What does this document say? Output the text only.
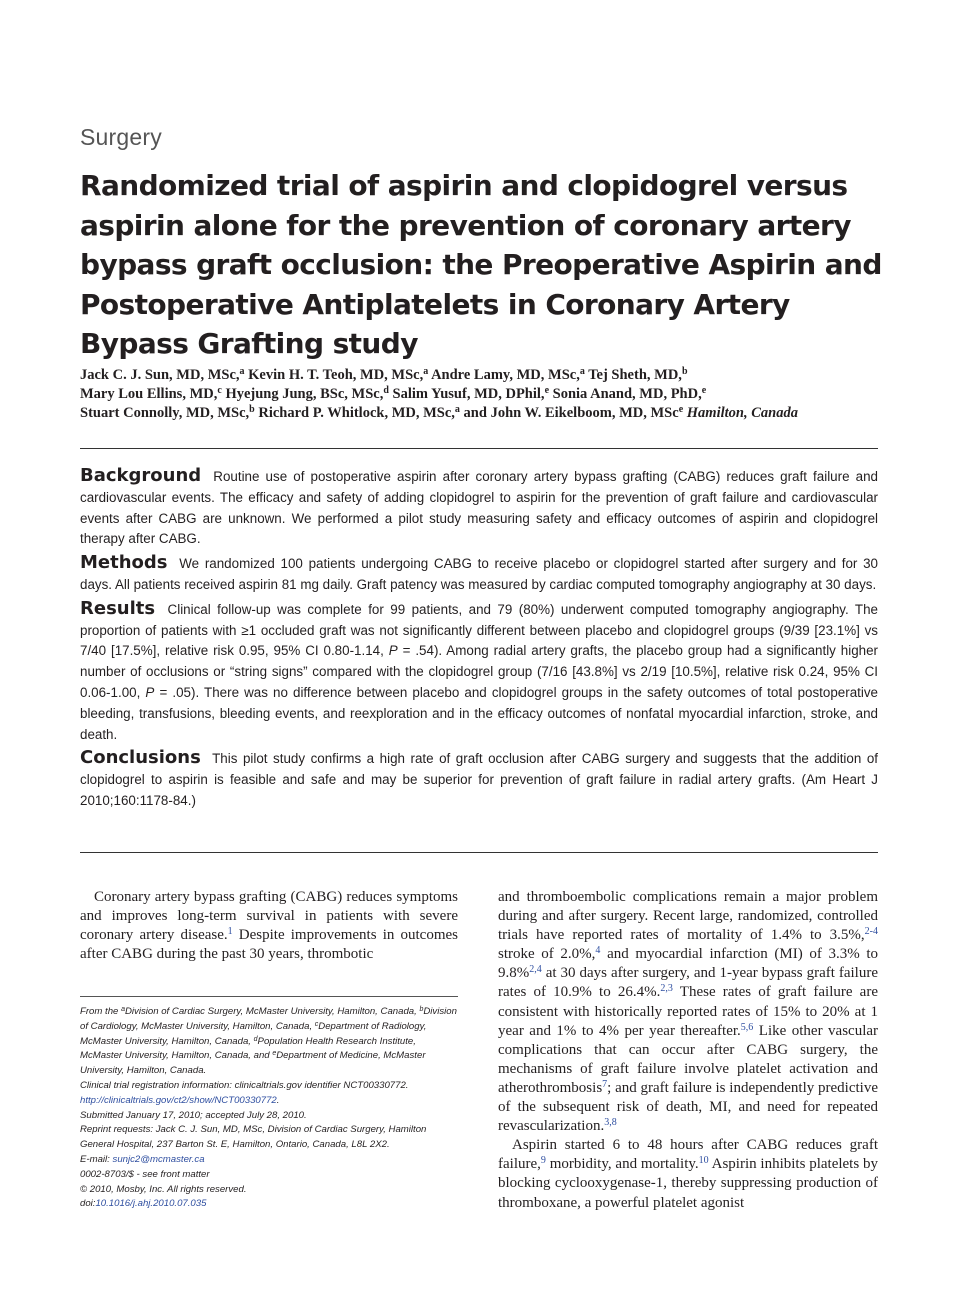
Surgery
Randomized trial of aspirin and clopidogrel versus aspirin alone for the prevention of coronary artery bypass graft occlusion: the Preoperative Aspirin and Postoperative Antiplatelets in Coronary Artery Bypass Grafting study
Jack C. J. Sun, MD, MSc,$^a$ Kevin H. T. Teoh, MD, MSc,$^a$ Andre Lamy, MD, MSc,$^a$ Tej Sheth, MD,$^b$
Mary Lou Ellins, MD,$^c$ Hyejung Jung, BSc, MSc,$^d$ Salim Yusuf, MD, DPhil,$^e$ Sonia Anand, MD, PhD,$^e$
Stuart Connolly, MD, MSc,$^b$ Richard P. Whitlock, MD, MSc,$^a$ and John W. Eikelboom, MD, MSc$^e$ Hamilton, Canada

Background Routine use of postoperative aspirin after coronary artery bypass grafting (CABG) reduces graft failure and cardiovascular events. The efficacy and safety of adding clopidogrel to aspirin for the prevention of graft failure and cardiovascular events after CABG are unknown. We performed a pilot study measuring safety and efficacy outcomes of aspirin and clopidogrel therapy after CABG.

Methods We randomized 100 patients undergoing CABG to receive placebo or clopidogrel started after surgery and for 30 days. All patients received aspirin 81 mg daily. Graft patency was measured by cardiac computed tomography angiography at 30 days.

Results Clinical follow-up was complete for 99 patients, and 79 (80%) underwent computed tomography angiography. The proportion of patients with ≥1 occluded graft was not significantly different between placebo and clopidogrel groups (9/39 [23.1%] vs 7/40 [17.5%], relative risk 0.95, 95% CI 0.80-1.14, P = .54). Among radial artery grafts, the placebo group had a significantly higher number of occlusions or “string signs” compared with the clopidogrel group (7/16 [43.8%] vs 2/19 [10.5%], relative risk 0.24, 95% CI 0.06-1.00, P = .05). There was no difference between placebo and clopidogrel groups in the safety outcomes of total postoperative bleeding, transfusions, bleeding events, and reexploration and in the efficacy outcomes of nonfatal myocardial infarction, stroke, and death.

Conclusions This pilot study confirms a high rate of graft occlusion after CABG surgery and suggests that the addition of clopidogrel to aspirin is feasible and safe and may be superior for prevention of graft failure in radial artery grafts. (Am Heart J 2010;160:1178-84.)

Coronary artery bypass grafting (CABG) reduces symptoms and improves long-term survival in patients with severe coronary artery disease.$^1$ Despite improvements in outcomes after CABG during the past 30 years, thrombotic

From the $^a$Division of Cardiac Surgery, McMaster University, Hamilton, Canada, $^b$Division of Cardiology, McMaster University, Hamilton, Canada, $^c$Department of Radiology, McMaster University, Hamilton, Canada, $^d$Population Health Research Institute, McMaster University, Hamilton, Canada, and $^e$Department of Medicine, McMaster University, Hamilton, Canada.
Clinical trial registration information: clinicaltrials.gov identifier NCT00330772. http://clinicaltrials.gov/ct2/show/NCT00330772.
Submitted January 17, 2010; accepted July 28, 2010.
Reprint requests: Jack C. J. Sun, MD, MSc, Division of Cardiac Surgery, Hamilton General Hospital, 237 Barton St. E, Hamilton, Ontario, Canada, L8L 2X2.
E-mail: sunjc2@mcmaster.ca
0002-8703/$ - see front matter
© 2010, Mosby, Inc. All rights reserved.
doi:10.1016/j.ahj.2010.07.035

and thromboembolic complications remain a major problem during and after surgery. Recent large, randomized, controlled trials have reported rates of mortality of 1.4% to 3.5%,$^{2-4}$ stroke of 2.0%,$^4$ and myocardial infarction (MI) of 3.3% to 9.8%$^{2,4}$ at 30 days after surgery, and 1-year bypass graft failure rates of 10.9% to 26.4%.$^{2,3}$ These rates of graft failure are consistent with historically reported rates of 15% to 20% at 1 year and 1% to 4% per year thereafter.$^{5,6}$ Like other vascular complications that can occur after CABG surgery, the mechanisms of graft failure involve platelet activation and atherothrombosis$^7$; and graft failure is independently predictive of the subsequent risk of death, MI, and need for repeated revascularization.$^{3,8}$

Aspirin started 6 to 48 hours after CABG reduces graft failure,$^9$ morbidity, and mortality.$^{10}$ Aspirin inhibits platelets by blocking cyclooxygenase-1, thereby suppressing production of thromboxane, a powerful platelet agonist
